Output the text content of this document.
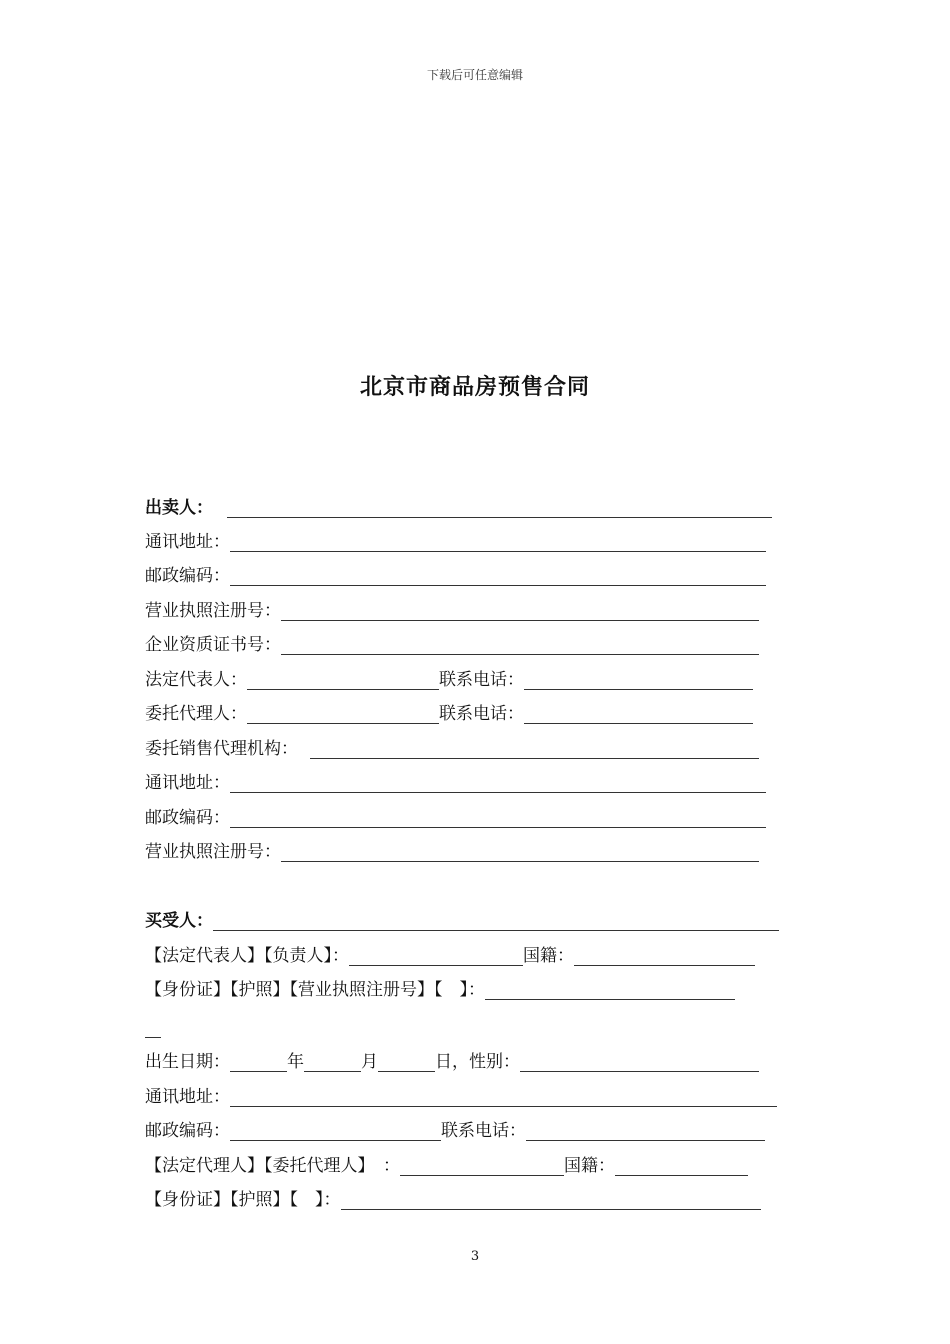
下载后可任意编辑
北京市商品房预售合同
出卖人：
通讯地址：
邮政编码：
营业执照注册号：
企业资质证书号：
法定代表人：	联系电话：
委托代理人：	联系电话：
委托销售代理机构：
通讯地址：
邮政编码：
营业执照注册号：
买受人：
【法定代表人】【负责人】：	国籍：
【身份证】【护照】【营业执照注册号】【　】：
出生日期：	年	月	日，性别：
通讯地址：
邮政编码：	联系电话：
【法定代理人】【委托代理人】　：	国籍：
【身份证】【护照】【　】：
3
